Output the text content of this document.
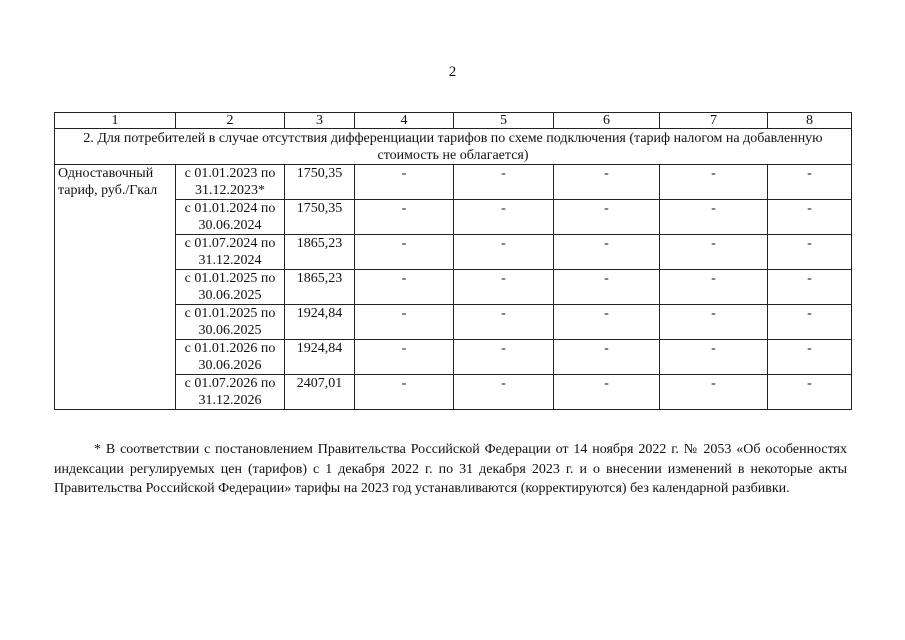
2
1	2	3	4	5	6	7	8
2. Для потребителей в случае отсутствия дифференциации тарифов по схеме подключения (тариф налогом на добавленную стоимость не облагается)							
Одноставочный тариф, руб./Гкал	с 01.01.2023 по 31.12.2023*	1750,35	-	-	-	-	-
	с 01.01.2024 по 30.06.2024	1750,35	-	-	-	-	-
	с 01.07.2024 по 31.12.2024	1865,23	-	-	-	-	-
	с 01.01.2025 по 30.06.2025	1865,23	-	-	-	-	-
	с 01.01.2025 по 30.06.2025	1924,84	-	-	-	-	-
	с 01.01.2026 по 30.06.2026	1924,84	-	-	-	-	-
	с 01.07.2026 по 31.12.2026	2407,01	-	-	-	-	-

* В соответствии с постановлением Правительства Российской Федерации от 14 ноября 2022 г. № 2053 «Об особенностях индексации регулируемых цен (тарифов) с 1 декабря 2022 г. по 31 декабря 2023 г. и о внесении изменений в некоторые акты Правительства Российской Федерации» тарифы на 2023 год устанавливаются (корректируются) без календарной разбивки.
